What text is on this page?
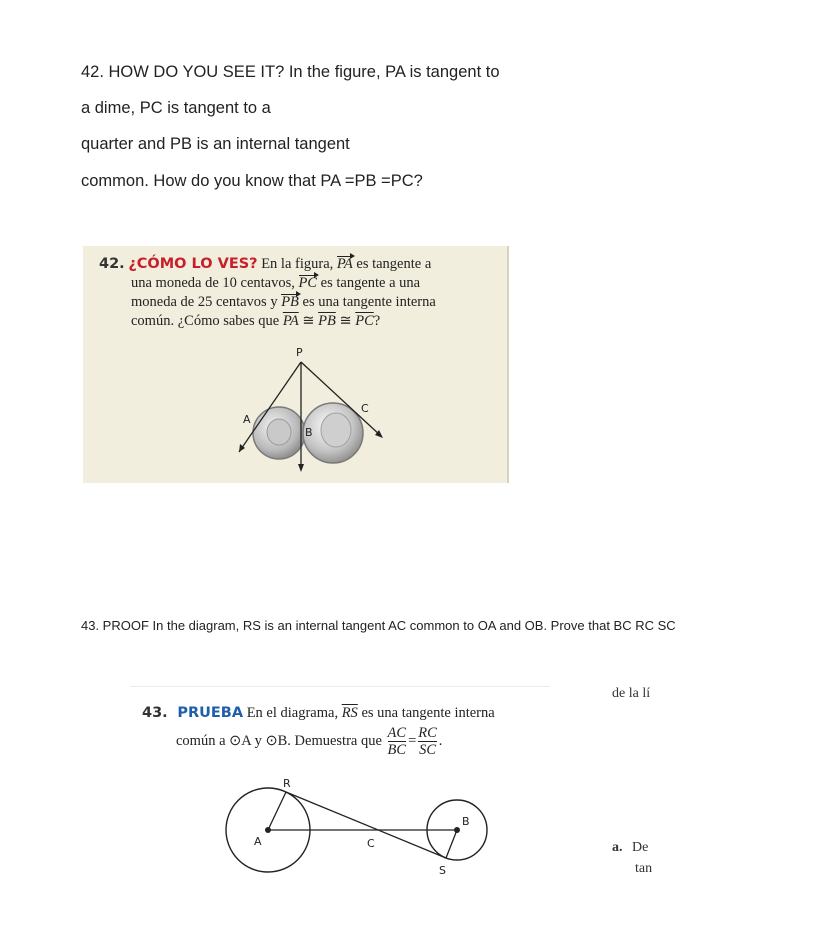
42. HOW DO YOU SEE IT? In the figure, PA is tangent to
a dime, PC is tangent to a
quarter and PB is an internal tangent
common. How do you know that PA =PB =PC?
42. ¿CÓMO LO VES? En la figura, PA es tangente a
una moneda de 10 centavos, PC es tangente a una
moneda de 25 centavos y PB es una tangente interna
común. ¿Cómo sabes que $\overline{PA}$ ≅ $\overline{PB}$ ≅ $\overline{PC}$?
P
A
B
C
43. PROOF In the diagram, RS is an internal tangent AC common to OA and OB. Prove that BC RC SC
43. PRUEBA En el diagrama, $\overline{RS}$ es una tangente interna
común a ⊙A y ⊙B. Demuestra que $\frac{AC}{BC} = \frac{RC}{SC}$ .
R
A	C
B
S
de la lí
a. De
tan
